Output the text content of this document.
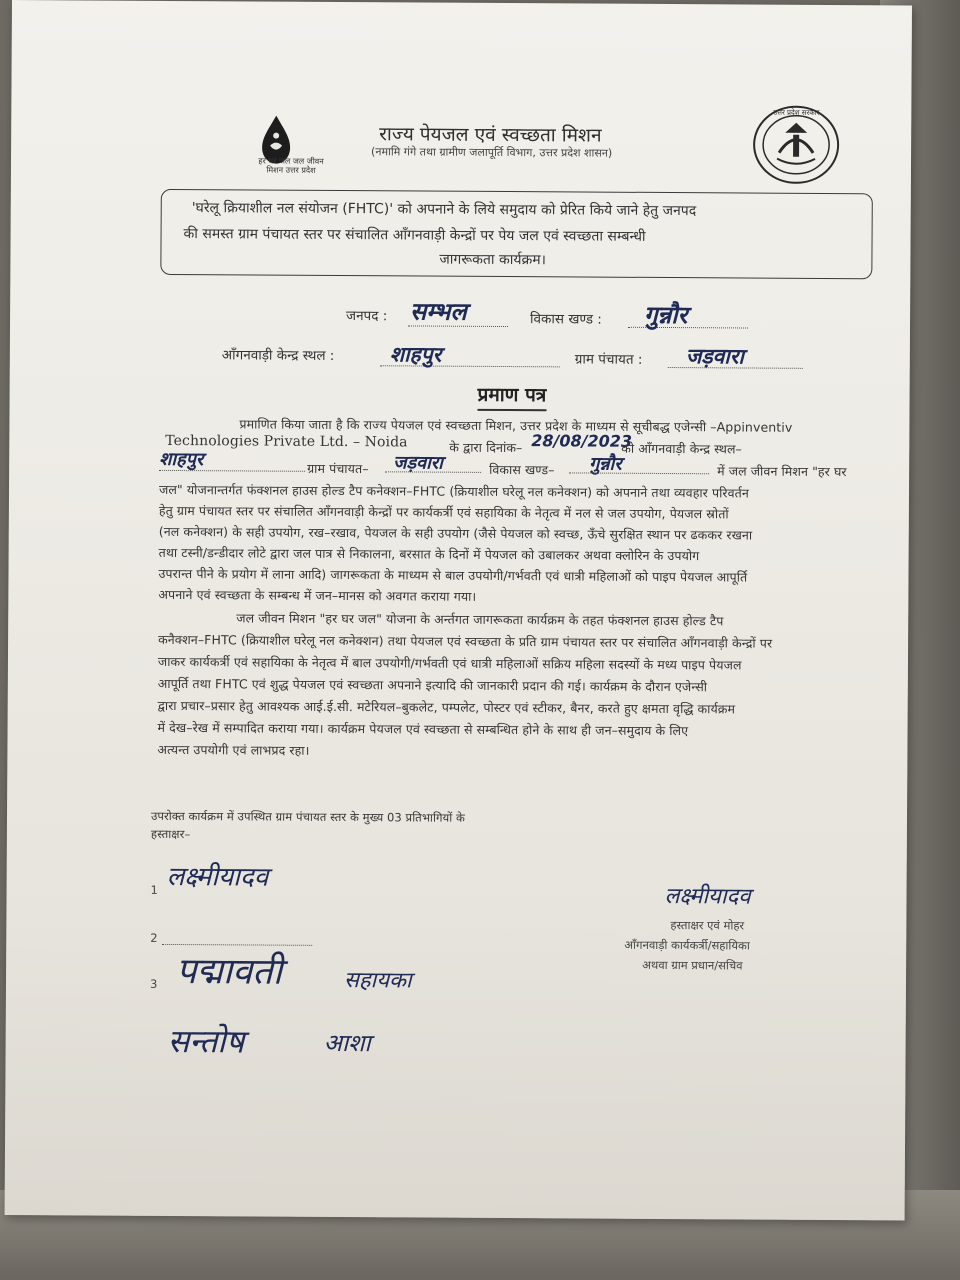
हर घर जल जल जीवन मिशन उत्तर प्रदेश
राज्य पेयजल एवं स्वच्छता मिशन
(नमामि गंगे तथा ग्रामीण जलापूर्ति विभाग, उत्तर प्रदेश शासन)
उत्तर प्रदेश सरकार
'घरेलू क्रियाशील नल संयोजन (FHTC)' को अपनाने के लिये समुदाय को प्रेरित किये जाने हेतु जनपद
की समस्त ग्राम पंचायत स्तर पर संचालित आँगनवाड़ी केन्द्रों पर पेय जल एवं स्वच्छता सम्बन्धी
जागरूकता कार्यक्रम।
जनपद : सम्भल	विकास खण्ड : गुन्नौर
आँगनवाड़ी केन्द्र स्थल :	शाहपुर	ग्राम पंचायत : जड़वारा
प्रमाण पत्र
प्रमाणित किया जाता है कि राज्य पेयजल एवं स्वच्छता मिशन, उत्तर प्रदेश के माध्यम से सूचीबद्ध एजेन्सी –Appinventiv
Technologies Private Ltd. – Noida	के द्वारा दिनांक– 28/08/2023
को आँगनवाड़ी केन्द्र स्थल–
शाहपुर	ग्राम पंचायत– जड़वारा	विकास खण्ड– गुन्नौर	में जल जीवन मिशन "हर घर
जल" योजनान्तर्गत फंक्शनल हाउस होल्ड टैप कनेक्शन–FHTC (क्रियाशील घरेलू नल कनेक्शन) को अपनाने तथा व्यवहार परिवर्तन
हेतु ग्राम पंचायत स्तर पर संचालित आँगनवाड़ी केन्द्रों पर कार्यकर्त्री एवं सहायिका के नेतृत्व में नल से जल उपयोग, पेयजल स्रोतों
(नल कनेक्शन) के सही उपयोग, रख–रखाव, पेयजल के सही उपयोग (जैसे पेयजल को स्वच्छ, ऊँचे सुरक्षित स्थान पर ढककर रखना
तथा टस्नी/डन्डीदार लोटे द्वारा जल पात्र से निकालना, बरसात के दिनों में पेयजल को उबालकर अथवा क्लोरिन के उपयोग
उपरान्त पीने के प्रयोग में लाना आदि) जागरूकता के माध्यम से बाल उपयोगी/गर्भवती एवं धात्री महिलाओं को पाइप पेयजल आपूर्ति
अपनाने एवं स्वच्छता के सम्बन्ध में जन–मानस को अवगत कराया गया।
जल जीवन मिशन "हर घर जल" योजना के अर्न्तगत जागरूकता कार्यक्रम के तहत फंक्शनल हाउस होल्ड टैप
कनैक्शन–FHTC (क्रियाशील घरेलू नल कनेक्शन) तथा पेयजल एवं स्वच्छता के प्रति ग्राम पंचायत स्तर पर संचालित आँगनवाड़ी केन्द्रों पर
जाकर कार्यकर्त्री एवं सहायिका के नेतृत्व में बाल उपयोगी/गर्भवती एवं धात्री महिलाओं सक्रिय महिला सदस्यों के मध्य पाइप पेयजल
आपूर्ति तथा FHTC एवं शुद्ध पेयजल एवं स्वच्छता अपनाने इत्यादि की जानकारी प्रदान की गई। कार्यक्रम के दौरान एजेन्सी
द्वारा प्रचार–प्रसार हेतु आवश्यक आई.ई.सी. मटेरियल–बुकलेट, पम्पलेट, पोस्टर एवं स्टीकर, बैनर, करते हुए क्षमता वृद्धि कार्यक्रम
में देख–रेख में सम्पादित कराया गया। कार्यक्रम पेयजल एवं स्वच्छता से सम्बन्धित होने के साथ ही जन–समुदाय के लिए
अत्यन्त उपयोगी एवं लाभप्रद रहा।
उपरोक्त कार्यक्रम में उपस्थित ग्राम पंचायत स्तर के मुख्य 03 प्रतिभागियों के
हस्ताक्षर–
1 लक्ष्मीयादव
2
3 पद्मावती	सहायका
सन्तोष	आशा
लक्ष्मीयादव
हस्ताक्षर एवं मोहर
आँगनवाड़ी कार्यकर्त्री/सहायिका
अथवा ग्राम प्रधान/सचिव
